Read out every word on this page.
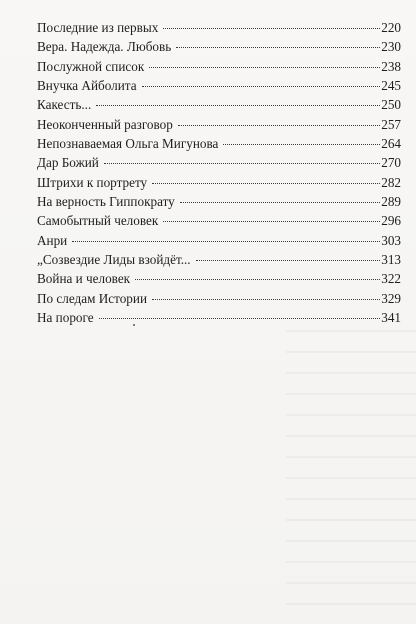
Последние из первых	220
Вера. Надежда. Любовь	230
Послужной список	238
Внучка Айболита	245
Какесть...	250
Неоконченный разговор	257
Непознаваемая Ольга Мигунова	264
Дар Божий	270
Штрихи к портрету	282
На верность Гиппократу	289
Самобытный человек	296
Анри	303
„Созвездие Лиды взойдёт...	313
Война и человек	322
По следам Истории	329
На пороге	341
